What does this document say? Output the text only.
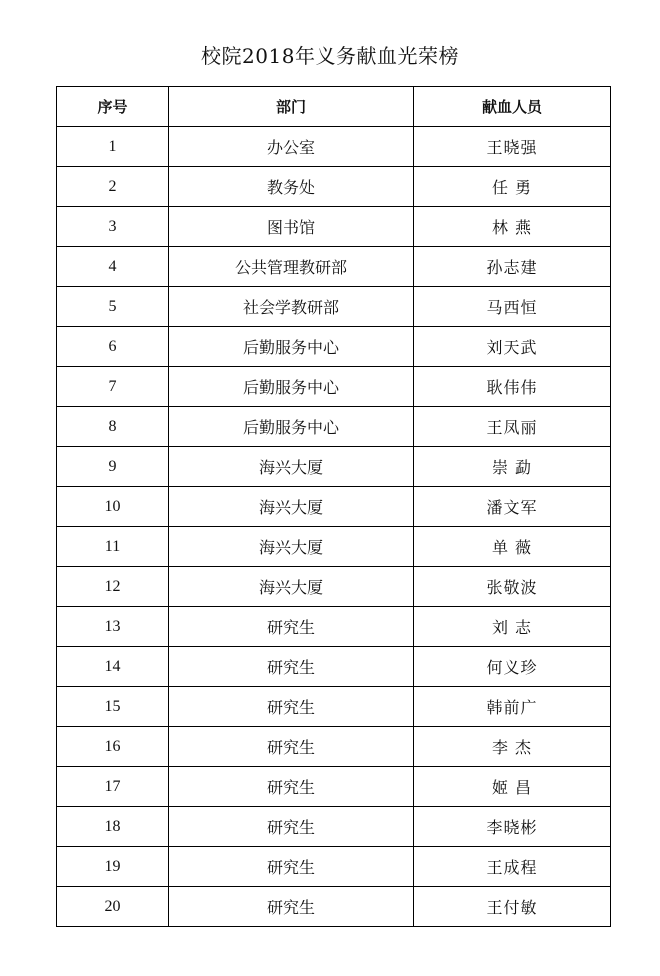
校院2018年义务献血光荣榜
序号	部门	献血人员
1	办公室	王晓强
2	教务处	任 勇
3	图书馆	林 燕
4	公共管理教研部	孙志建
5	社会学教研部	马西恒
6	后勤服务中心	刘天武
7	后勤服务中心	耿伟伟
8	后勤服务中心	王凤丽
9	海兴大厦	崇 勐
10	海兴大厦	潘文军
11	海兴大厦	单 薇
12	海兴大厦	张敬波
13	研究生	刘 志
14	研究生	何义珍
15	研究生	韩前广
16	研究生	李 杰
17	研究生	姬 昌
18	研究生	李晓彬
19	研究生	王成程
20	研究生	王付敏
